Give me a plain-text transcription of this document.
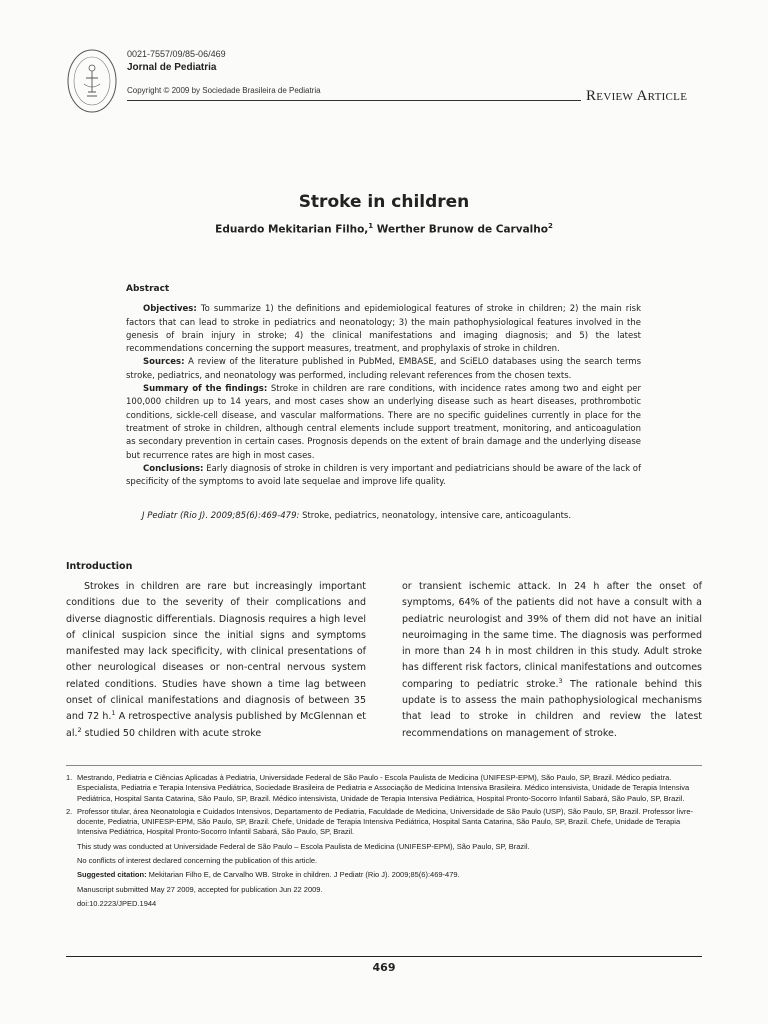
0021-7557/09/85-06/469
Jornal de Pediatria
Copyright © 2009 by Sociedade Brasileira de Pediatria	Review Article
Stroke in children
Eduardo Mekitarian Filho,$^1$ Werther Brunow de Carvalho$^2$
Abstract

Objectives: To summarize 1) the definitions and epidemiological features of stroke in children; 2) the main risk factors that can lead to stroke in pediatrics and neonatology; 3) the main pathophysiological features involved in the genesis of brain injury in stroke; 4) the clinical manifestations and imaging diagnosis; and 5) the latest recommendations concerning the support measures, treatment, and prophylaxis of stroke in children.

Sources: A review of the literature published in PubMed, EMBASE, and SciELO databases using the search terms stroke, pediatrics, and neonatology was performed, including relevant references from the chosen texts.

Summary of the findings: Stroke in children are rare conditions, with incidence rates among two and eight per 100,000 children up to 14 years, and most cases show an underlying disease such as heart diseases, prothrombotic conditions, sickle-cell disease, and vascular malformations. There are no specific guidelines currently in place for the treatment of stroke in children, although central elements include support treatment, monitoring, and anticoagulation as secondary prevention in certain cases. Prognosis depends on the extent of brain damage and the underlying disease but recurrence rates are high in most cases.

Conclusions: Early diagnosis of stroke in children is very important and pediatricians should be aware of the lack of specificity of the symptoms to avoid late sequelae and improve life quality.

J Pediatr (Rio J). 2009;85(6):469-479: Stroke, pediatrics, neonatology, intensive care, anticoagulants.
Introduction

Strokes in children are rare but increasingly important conditions due to the severity of their complications and diverse diagnostic differentials. Diagnosis requires a high level of clinical suspicion since the initial signs and symptoms manifested may lack specificity, with clinical presentations of other neurological diseases or non-central nervous system related conditions. Studies have shown a time lag between onset of clinical manifestations and diagnosis of between 35 and 72 h.$^1$ A retrospective analysis published by McGlennan et al.$^2$ studied 50 children with acute stroke

or transient ischemic attack. In 24 h after the onset of symptoms, 64% of the patients did not have a consult with a pediatric neurologist and 39% of them did not have an initial neuroimaging in the same time. The diagnosis was performed in more than 24 h in most children in this study. Adult stroke has different risk factors, clinical manifestations and outcomes comparing to pediatric stroke.$^3$ The rationale behind this update is to assess the main pathophysiological mechanisms that lead to stroke in children and review the latest recommendations on management of stroke.

1. Mestrando, Pediatria e Ciências Aplicadas à Pediatria, Universidade Federal de São Paulo - Escola Paulista de Medicina (UNIFESP-EPM), São Paulo, SP, Brazil. Médico pediatra. Especialista, Pediatria e Terapia Intensiva Pediátrica, Sociedade Brasileira de Pediatria e Associação de Medicina Intensiva Brasileira. Médico intensivista, Unidade de Terapia Intensiva Pediátrica, Hospital Santa Catarina, São Paulo, SP, Brazil. Médico intensivista, Unidade de Terapia Intensiva Pediátrica, Hospital Pronto-Socorro Infantil Sabará, São Paulo, SP, Brazil.
2. Professor titular, área Neonatologia e Cuidados Intensivos, Departamento de Pediatria, Faculdade de Medicina, Universidade de São Paulo (USP), São Paulo, SP, Brazil. Professor livre-docente, Pediatria, UNIFESP-EPM, São Paulo, SP, Brazil. Chefe, Unidade de Terapia Intensiva Pediátrica, Hospital Santa Catarina, São Paulo, SP, Brazil. Chefe, Unidade de Terapia Intensiva Pediátrica, Hospital Pronto-Socorro Infantil Sabará, São Paulo, SP, Brazil.
This study was conducted at Universidade Federal de São Paulo – Escola Paulista de Medicina (UNIFESP-EPM), São Paulo, SP, Brazil.
No conflicts of interest declared concerning the publication of this article.
Suggested citation: Mekitarian Filho E, de Carvalho WB. Stroke in children. J Pediatr (Rio J). 2009;85(6):469-479.
Manuscript submitted May 27 2009, accepted for publication Jun 22 2009.
doi:10.2223/JPED.1944
469
